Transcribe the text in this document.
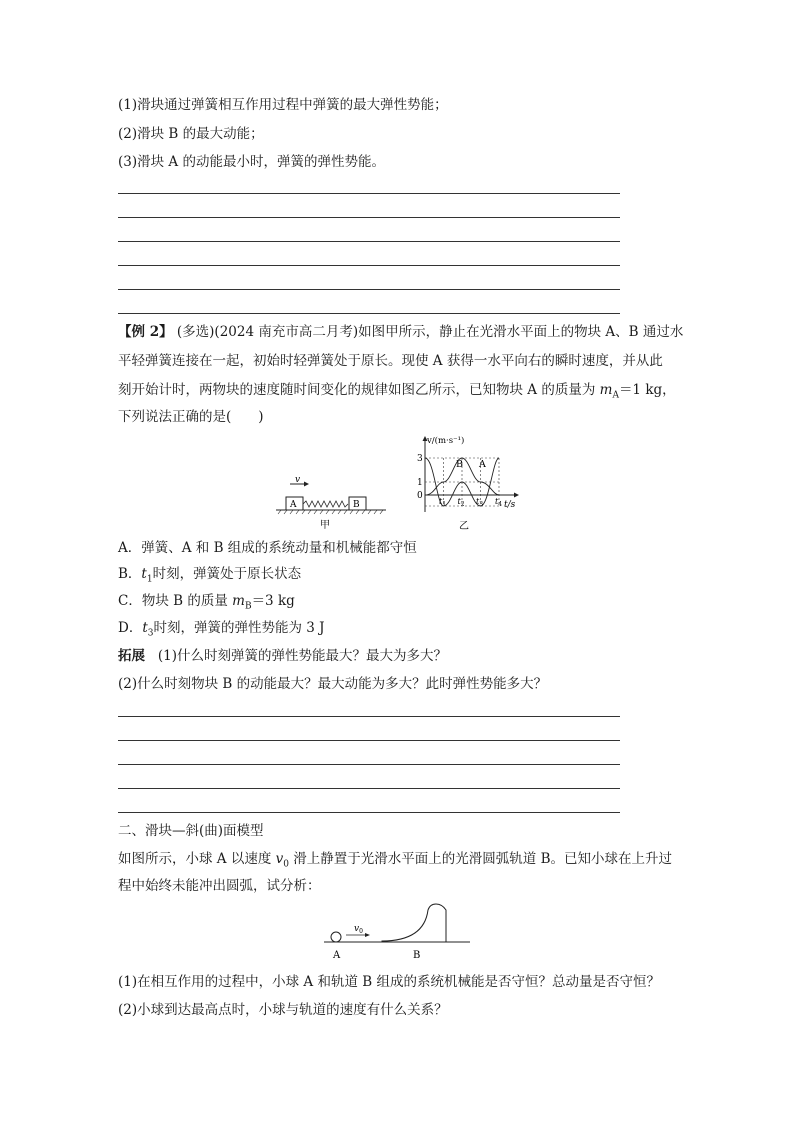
(1)滑块通过弹簧相互作用过程中弹簧的最大弹性势能；
(2)滑块 B 的最大动能；
(3)滑块 A 的动能最小时，弹簧的弹性势能。
【例 2】 (多选)(2024 南充市高二月考)如图甲所示，静止在光滑水平面上的物块 A、B 通过水
平轻弹簧连接在一起，初始时轻弹簧处于原长。现使 A 获得一水平向右的瞬时速度，并从此
刻开始计时，两物块的速度随时间变化的规律如图乙所示，已知物块 A 的质量为 $m_A=1$ kg，
下列说法正确的是(　　)
v
A	B
甲
v/(m·s⁻¹)
t/s
3
1
0
B A
$t_1$ $t_2$ $t_3$ $t_4$
乙
A．弹簧、A 和 B 组成的系统动量和机械能都守恒
B．$t_1$时刻，弹簧处于原长状态
C．物块 B 的质量 $m_B=3$ kg
D．$t_3$时刻，弹簧的弹性势能为 3 J
拓展 (1)什么时刻弹簧的弹性势能最大？最大为多大？
(2)什么时刻物块 B 的动能最大？最大动能为多大？此时弹性势能多大？
二、滑块—斜(曲)面模型
如图所示，小球 A 以速度 $v_0$ 滑上静置于光滑水平面上的光滑圆弧轨道 B。已知小球在上升过
程中始终未能冲出圆弧，试分析：
$v_0$
A	B
(1)在相互作用的过程中，小球 A 和轨道 B 组成的系统机械能是否守恒？总动量是否守恒？
(2)小球到达最高点时，小球与轨道的速度有什么关系？
